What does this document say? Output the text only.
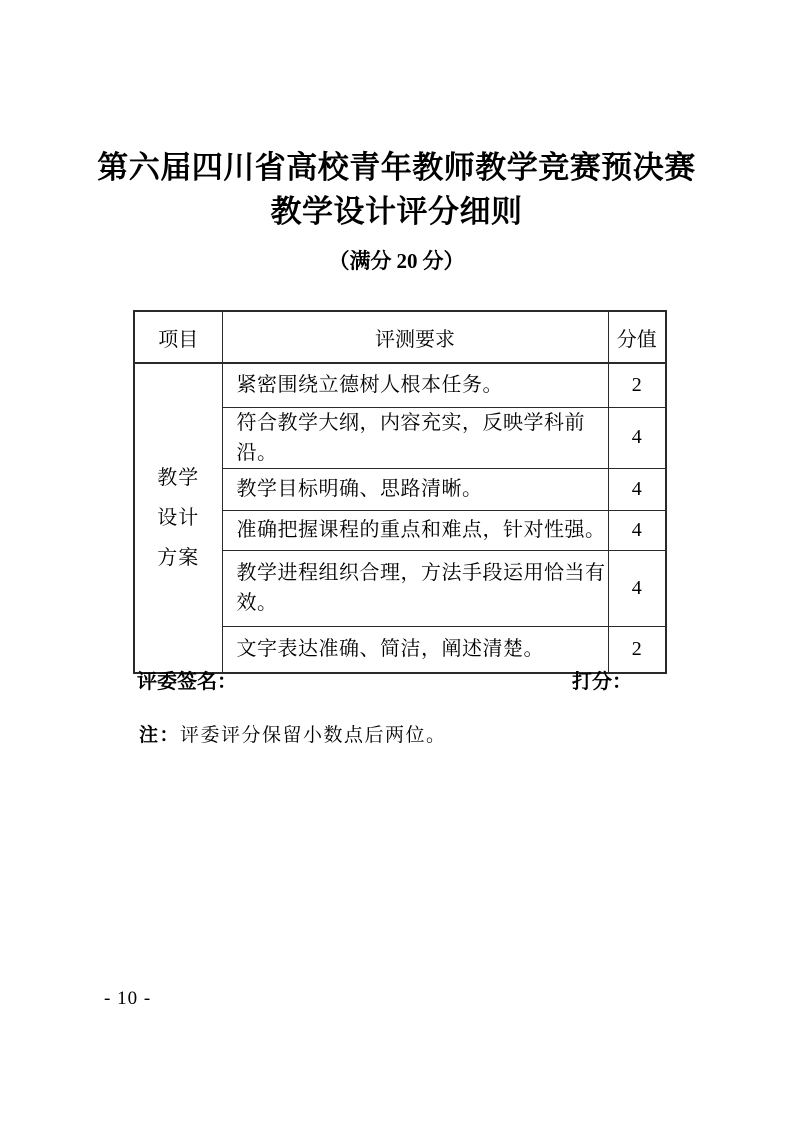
第六届四川省高校青年教师教学竞赛预决赛
教学设计评分细则
（满分 20 分）
项目	评测要求	分值

教学
设计
方案	紧密围绕立德树人根本任务。	2
	符合教学大纲，内容充实，反映学科前沿。	4
	教学目标明确、思路清晰。	4
	准确把握课程的重点和难点，针对性强。	4
	教学进程组织合理，方法手段运用恰当有效。	4
	文字表达准确、简洁，阐述清楚。	2
评委签名：	打分：
注：评委评分保留小数点后两位。
- 10 -
